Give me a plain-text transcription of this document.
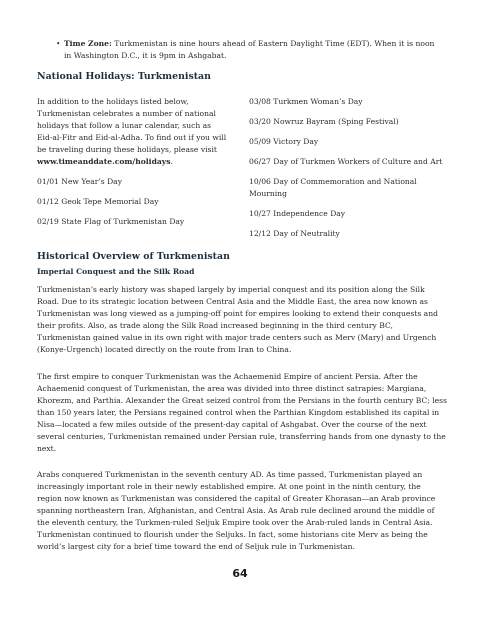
• Time Zone: Turkmenistan is nine hours ahead of Eastern Daylight Time (EDT). When it is noon in Washington D.C., it is 9pm in Ashgabat.
National Holidays: Turkmenistan

In addition to the holidays listed below, Turkmenistan celebrates a number of national holidays that follow a lunar calendar, such as Eid-al-Fitr and Eid-al-Adha. To find out if you will be traveling during these holidays, please visit www.​timeanddate.com/holidays.

01/01 New Year’s Day
01/12 Geok Tepe Memorial Day
02/19 State Flag of Turkmenistan Day
03/08 Turkmen Woman’s Day
03/20 Nowruz Bayram (Sping Festival)
05/09 Victory Day
06/27 Day of Turkmen Workers of Culture and Art
10/06 Day of Commemoration and National Mourning
10/27 Independence Day
12/12 Day of Neutrality
Historical Overview of Turkmenistan
Imperial Conquest and the Silk Road

Turkmenistan’s early history was shaped largely by imperial conquest and its position along the Silk Road. Due to its strategic location between Central Asia and the Middle East, the area now known as Turkmenistan was long viewed as a jumping-off point for empires looking to extend their conquests and their profits. Also, as trade along the Silk Road increased beginning in the third century BC, Turkmenistan gained value in its own right with major trade centers such as Merv (Mary) and Urgench (Konye-Urgench) located directly on the route from Iran to China.

The first empire to conquer Turkmenistan was the Achaemenid Empire of ancient Persia. After the Achaemenid conquest of Turkmenistan, the area was divided into three distinct satrapies: Margiana, Khorezm, and Parthia. Alexander the Great seized control from the Persians in the fourth century BC; less than 150 years later, the Persians regained control when the Parthian Kingdom established its capital in Nisa—located a few miles outside of the present-day capital of Ashgabat. Over the course of the next several centuries, Turkmenistan remained under Persian rule, transferring hands from one dynasty to the next.

Arabs conquered Turkmenistan in the seventh century AD. As time passed, Turkmenistan played an increasingly important role in their newly established empire. At one point in the ninth century, the region now known as Turkmenistan was considered the capital of Greater Khorasan—an Arab province spanning northeastern Iran, Afghanistan, and Central Asia. As Arab rule declined around the middle of the eleventh century, the Turkmen-ruled Seljuk Empire took over the Arab-ruled lands in Central Asia. Turkmenistan continued to flourish under the Seljuks. In fact, some historians cite Merv as being the world’s largest city for a brief time toward the end of Seljuk rule in Turkmenistan.

64
